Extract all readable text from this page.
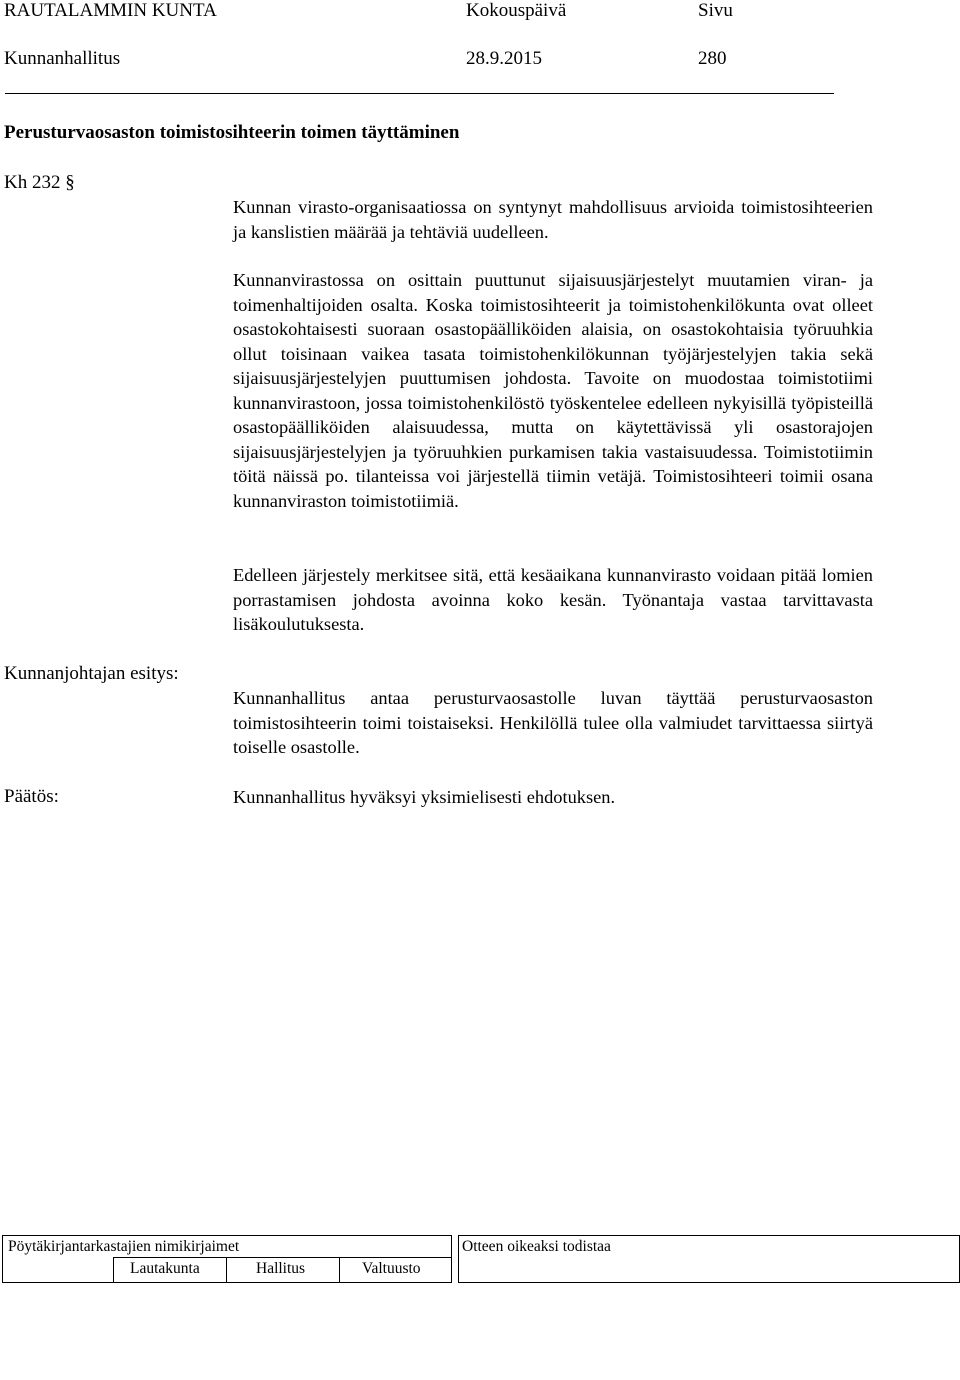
RAUTALAMMIN KUNTA	Kokouspäivä	Sivu
Kunnanhallitus	28.9.2015	280
Perusturvaosaston toimistosihteerin toimen täyttäminen
Kh 232 §

Kunnan virasto-organisaatiossa on syntynyt mahdollisuus arvioida toimistosihteerien ja kanslistien määrää ja tehtäviä uudelleen.

Kunnanvirastossa on osittain puuttunut sijaisuusjärjestelyt muutamien viran- ja toimenhaltijoiden osalta. Koska toimistosihteerit ja toimistohenkilökunta ovat olleet osastokohtaisesti suoraan osastopäälliköiden alaisia, on osastokohtaisia työruuhkia ollut toisinaan vaikea tasata toimistohenkilökunnan työjärjestelyjen takia sekä sijaisuusjärjestelyjen puuttumisen johdosta. Tavoite on muodostaa toimistotiimi kunnanvirastoon, jossa toimistohenkilöstö työskentelee edelleen nykyisillä työpisteillä osastopäälliköiden alaisuudessa, mutta on käytettävissä yli osastorajojen sijaisuusjärjestelyjen ja työruuhkien purkamisen takia vastaisuudessa. Toimistotiimin töitä näissä po. tilanteissa voi järjestellä tiimin vetäjä. Toimistosihteeri toimii osana kunnanviraston toimistotiimiä.

Edelleen järjestely merkitsee sitä, että kesäaikana kunnanvirasto voidaan pitää lomien porrastamisen johdosta avoinna koko kesän. Työnantaja vastaa tarvittavasta lisäkoulutuksesta.

Kunnanjohtajan esitys:

Kunnanhallitus antaa perusturvaosastolle luvan täyttää perusturvaosaston toimistosihteerin toimi toistaiseksi. Henkilöllä tulee olla valmiudet tarvittaessa siirtyä toiselle osastolle.

Päätös:	Kunnanhallitus hyväksyi yksimielisesti ehdotuksen.
Pöytäkirjantarkastajien nimikirjaimet
Lautakunta	Hallitus	Valtuusto
Otteen oikeaksi todistaa
